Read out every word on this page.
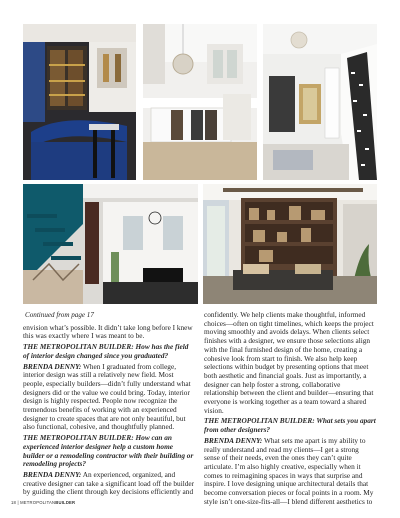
Continued from page 17

envision what’s possible. It didn’t take long before I knew this was exactly where I was meant to be.

THE METROPOLITAN BUILDER: How has the field of interior design changed since you graduated?

BRENDA DENNY: When I graduated from college, interior design was still a relatively new field. Most people, especially builders—didn’t fully understand what designers did or the value we could bring. Today, interior design is highly respected. People now recognize the tremendous benefits of working with an experienced designer to create spaces that are not only beautiful, but also functional, cohesive, and thoughtfully planned.

THE METROPOLITAN BUILDER: How can an experienced interior designer help a custom home builder or a remodeling contractor with their building or remodeling projects?

BRENDA DENNY: An experienced, organized, and creative designer can take a significant load off the builder by guiding the client through key decisions efficiently and

confidently. We help clients make thoughtful, informed choices—often on tight timelines, which keeps the project moving smoothly and avoids delays. When clients select finishes with a designer, we ensure those selections align with the final furnished design of the home, creating a cohesive look from start to finish. We also help keep selections within budget by presenting options that meet both aesthetic and financial goals. Just as importantly, a designer can help foster a strong, collaborative relationship between the client and builder—ensuring that everyone is working together as a team toward a shared vision.

THE METROPOLITAN BUILDER: What sets you apart from other designers?

BRENDA DENNY: What sets me apart is my ability to really understand and read my clients—I get a strong sense of their needs, even the ones they can’t quite articulate. I’m also highly creative, especially when it comes to reimagining spaces in ways that surprise and inspire. I love designing unique architectural details that become conversation pieces or focal points in a room. My style isn’t one-size-fits-all—I blend different aesthetics to

18 | METROPOLITANBUILDER
